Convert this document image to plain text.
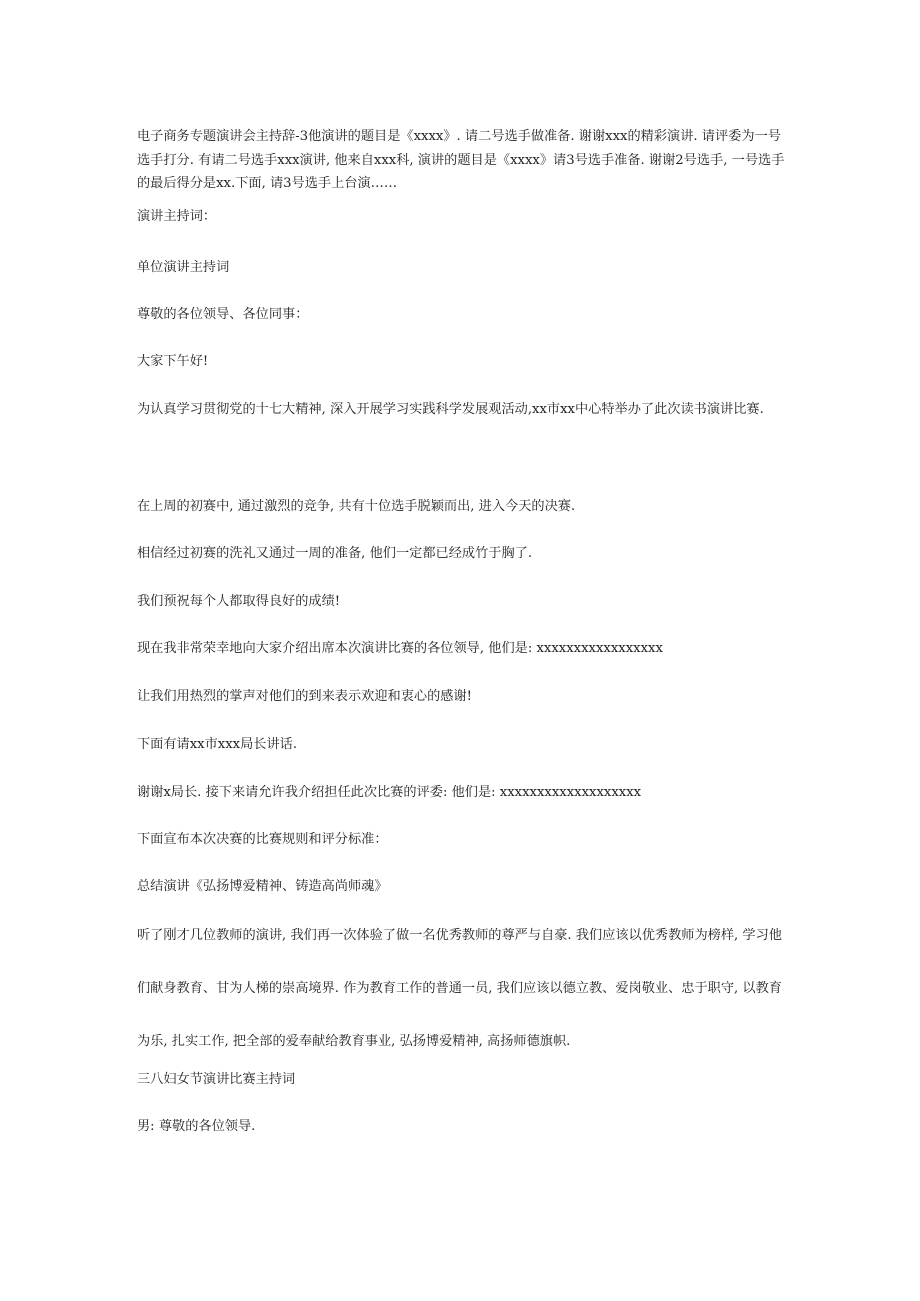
电子商务专题演讲会主持辞-3他演讲的题目是《xxxx》. 请二号选手做准备. 谢谢xxx的精彩演讲. 请评委为一号选手打分. 有请二号选手xxx演讲, 他来自xxx科, 演讲的题目是《xxxx》请3号选手准备. 谢谢2号选手, 一号选手的最后得分是xx.下面, 请3号选手上台演……

演讲主持词：

单位演讲主持词

尊敬的各位领导、各位同事：

大家下午好!

为认真学习贯彻党的十七大精神, 深入开展学习实践科学发展观活动,xx市xx中心特举办了此次读书演讲比赛.

在上周的初赛中, 通过激烈的竞争, 共有十位选手脱颖而出, 进入今天的决赛.

相信经过初赛的洗礼又通过一周的准备, 他们一定都已经成竹于胸了.

我们预祝每个人都取得良好的成绩!

现在我非常荣幸地向大家介绍出席本次演讲比赛的各位领导, 他们是: xxxxxxxxxxxxxxxxx

让我们用热烈的掌声对他们的到来表示欢迎和衷心的感谢!

下面有请xx市xxx局长讲话.

谢谢x局长. 接下来请允许我介绍担任此次比赛的评委: 他们是: xxxxxxxxxxxxxxxxxxx

下面宣布本次决赛的比赛规则和评分标准：

总结演讲《弘扬博爱精神、铸造高尚师魂》

听了刚才几位教师的演讲, 我们再一次体验了做一名优秀教师的尊严与自豪. 我们应该以优秀教师为榜样, 学习他们献身教育、甘为人梯的崇高境界. 作为教育工作的普通一员, 我们应该以德立教、爱岗敬业、忠于职守, 以教育为乐, 扎实工作, 把全部的爱奉献给教育事业, 弘扬博爱精神, 高扬师德旗帜.

三八妇女节演讲比赛主持词

男: 尊敬的各位领导.
